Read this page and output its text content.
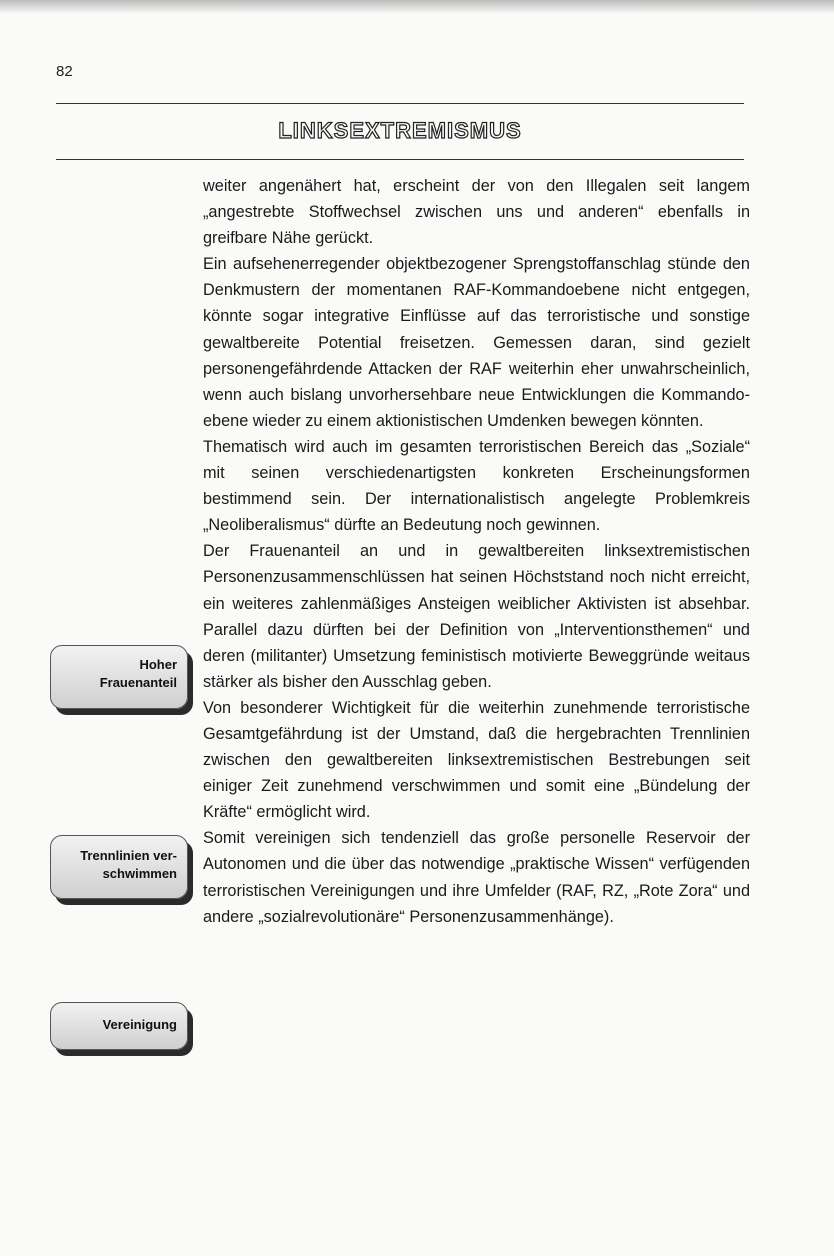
82
LINKSEXTREMISMUS

weiter angenähert hat, erscheint der von den Illegalen seit langem „angestrebte Stoffwechsel zwischen uns und anderen“ ebenfalls in greifbare Nähe gerückt.

Ein aufsehenerregender objektbezogener Sprengstoffanschlag stünde den Denkmustern der momentanen RAF-Kommandoebene nicht entgegen, könnte sogar integrative Einflüsse auf das terroristische und sonstige gewaltbereite Potential freisetzen. Gemessen daran, sind gezielt personengefährdende Attacken der RAF weiterhin eher unwahrscheinlich, wenn auch bislang unvorhersehbare neue Entwicklungen die Kommandoebene wieder zu einem aktionistischen Umdenken bewegen könnten.

Thematisch wird auch im gesamten terroristischen Bereich das „Soziale“ mit seinen verschiedenartigsten konkreten Erscheinungsformen bestimmend sein. Der internationalistisch angelegte Problemkreis „Neoliberalismus“ dürfte an Bedeutung noch gewinnen.

Der Frauenanteil an und in gewaltbereiten linksextremistischen Personenzusammenschlüssen hat seinen Höchststand noch nicht erreicht, ein weiteres zahlenmäßiges Ansteigen weiblicher Aktivisten ist absehbar. Parallel dazu dürften bei der Definition von „Interventionsthemen“ und deren (militanter) Umsetzung feministisch motivierte Beweggründe weitaus stärker als bisher den Ausschlag geben.

Von besonderer Wichtigkeit für die weiterhin zunehmende terroristische Gesamtgefährdung ist der Umstand, daß die hergebrachten Trennlinien zwischen den gewaltbereiten linksextremistischen Bestrebungen seit einiger Zeit zunehmend verschwimmen und somit eine „Bündelung der Kräfte“ ermöglicht wird.

Somit vereinigen sich tendenziell das große personelle Reservoir der Autonomen und die über das notwendige „praktische Wissen“ verfügenden terroristischen Vereinigungen und ihre Umfelder (RAF, RZ, „Rote Zora“ und andere „sozialrevolutionäre“ Personenzusammenhänge).

Hoher Frauenanteil
Trennlinien ver-schwimmen
Vereinigung
